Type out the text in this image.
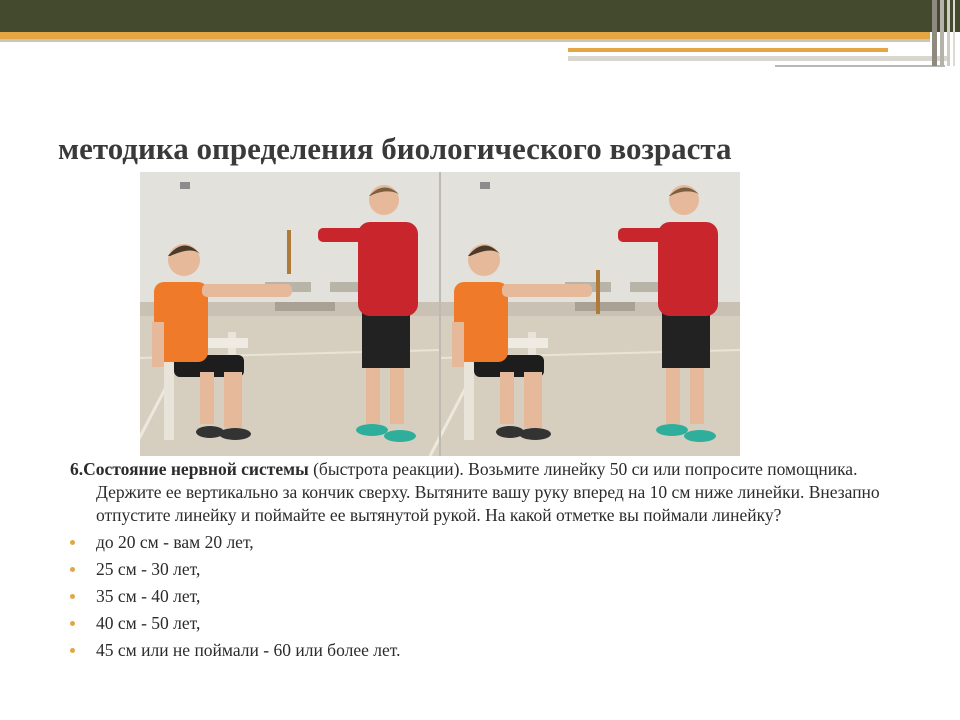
методика определения биологического возраста

6.Состояние нервной системы (быстрота реакции). Возьмите линейку 50 си или попросите помощника. Держите ее вертикально за кончик сверху. Вытяните вашу руку вперед на 10 см ниже линейки. Внезапно отпустите линейку и поймайте ее вытянутой рукой. На какой отметке вы поймали линейку?

до 20 см - вам 20 лет,
25 см - 30 лет,
35 см - 40 лет,
40 см - 50 лет,
45 см или не поймали - 60 или более лет.
